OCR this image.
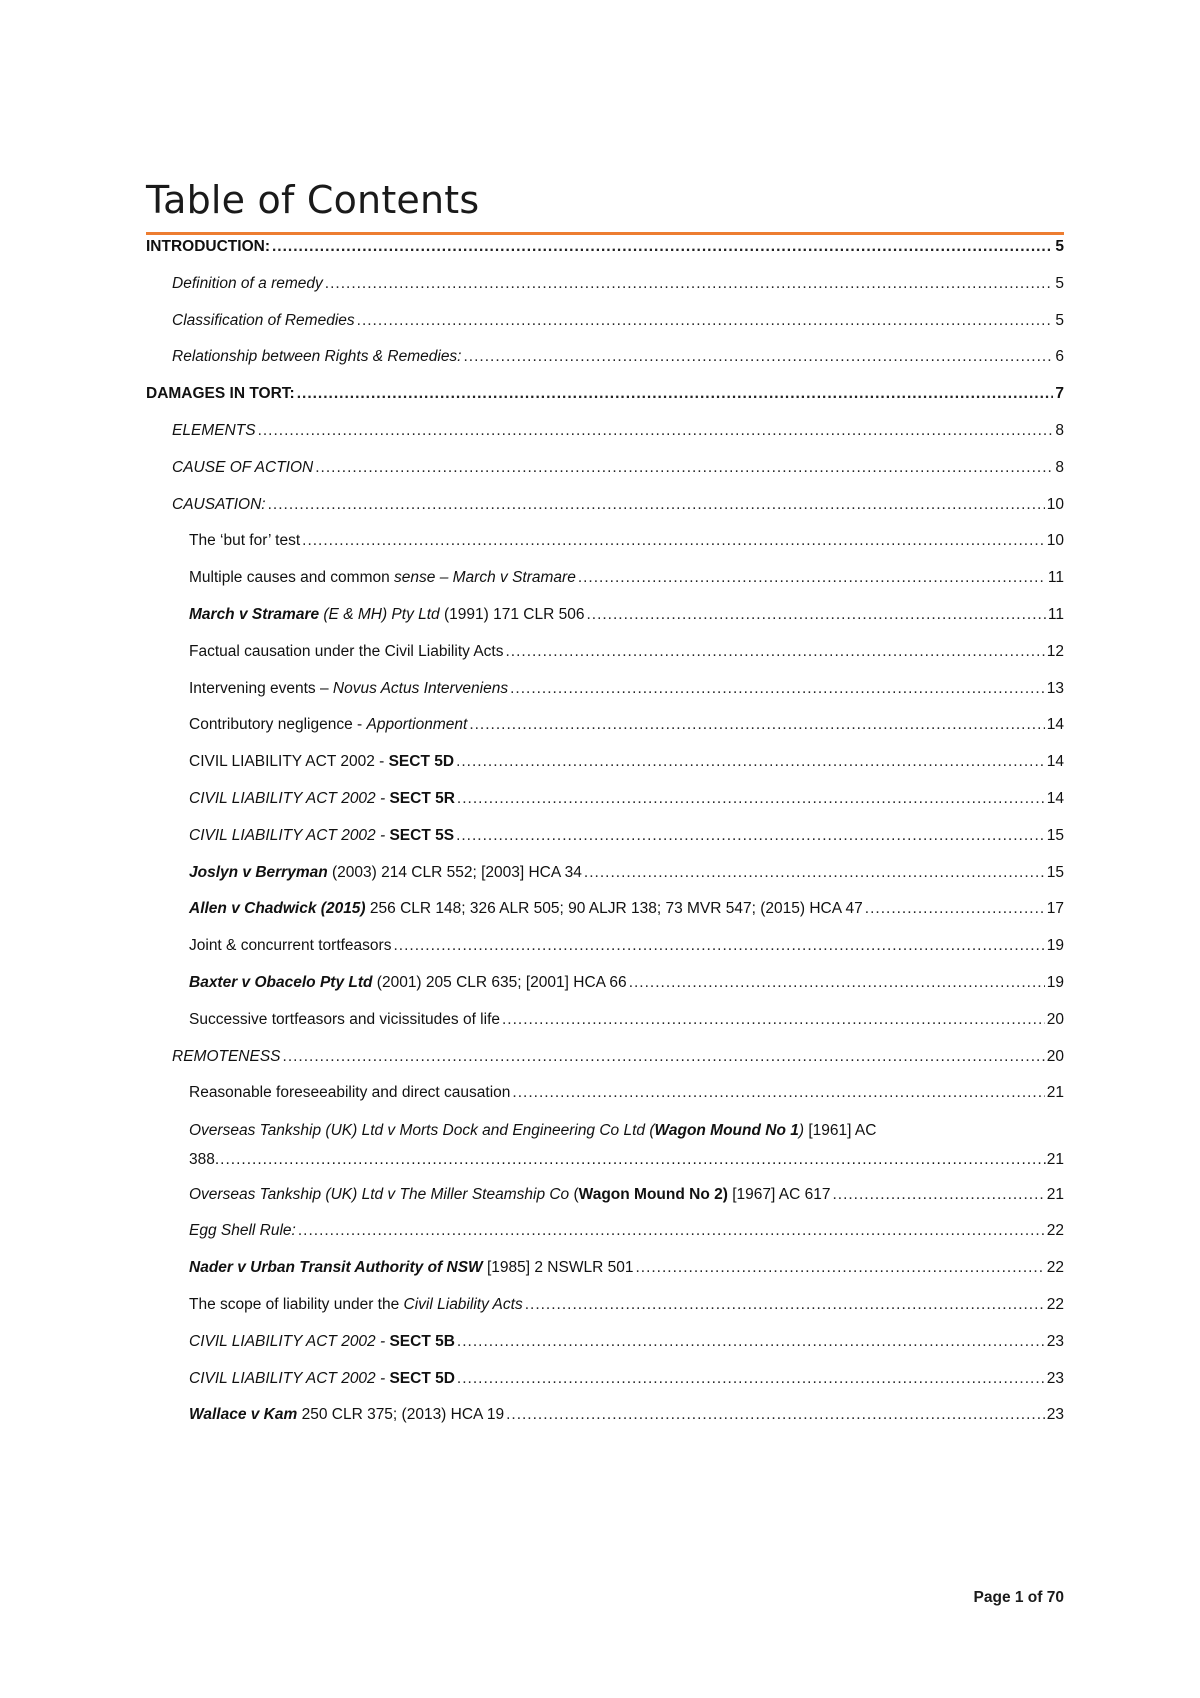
Table of Contents
INTRODUCTION: .....	5
Definition of a remedy .....	5
Classification of Remedies .....	5
Relationship between Rights & Remedies: .....	6
DAMAGES IN TORT: .....	7
ELEMENTS .....	8
CAUSE OF ACTION .....	8
CAUSATION: .....	10
The ‘but for’ test .....	10
Multiple causes and common sense – March v Stramare .....	11
March v Stramare (E & MH) Pty Ltd (1991) 171 CLR 506 .....	11
Factual causation under the Civil Liability Acts .....	12
Intervening events – Novus Actus Interveniens .....	13
Contributory negligence - Apportionment .....	14
CIVIL LIABILITY ACT 2002 - SECT 5D .....	14
CIVIL LIABILITY ACT 2002 - SECT 5R .....	14
CIVIL LIABILITY ACT 2002 - SECT 5S .....	15
Joslyn v Berryman (2003) 214 CLR 552; [2003] HCA 34 .....	15
Allen v Chadwick (2015) 256 CLR 148; 326 ALR 505; 90 ALJR 138; 73 MVR 547; (2015) HCA 47 .....	17
Joint & concurrent tortfeasors .....	19
Baxter v Obacelo Pty Ltd (2001) 205 CLR 635; [2001] HCA 66 .....	19
Successive tortfeasors and vicissitudes of life .....	20
REMOTENESS .....	20
Reasonable foreseeability and direct causation .....	21
Overseas Tankship (UK) Ltd v Morts Dock and Engineering Co Ltd (Wagon Mound No 1) [1961] AC
388 .....	21
Overseas Tankship (UK) Ltd v The Miller Steamship Co (Wagon Mound No 2) [1967] AC 617 .....	21
Egg Shell Rule: .....	22
Nader v Urban Transit Authority of NSW [1985] 2 NSWLR 501 .....	22
The scope of liability under the Civil Liability Acts .....	22
CIVIL LIABILITY ACT 2002 - SECT 5B .....	23
CIVIL LIABILITY ACT 2002 - SECT 5D .....	23
Wallace v Kam 250 CLR 375; (2013) HCA 19 .....	23
Page 1 of 70
